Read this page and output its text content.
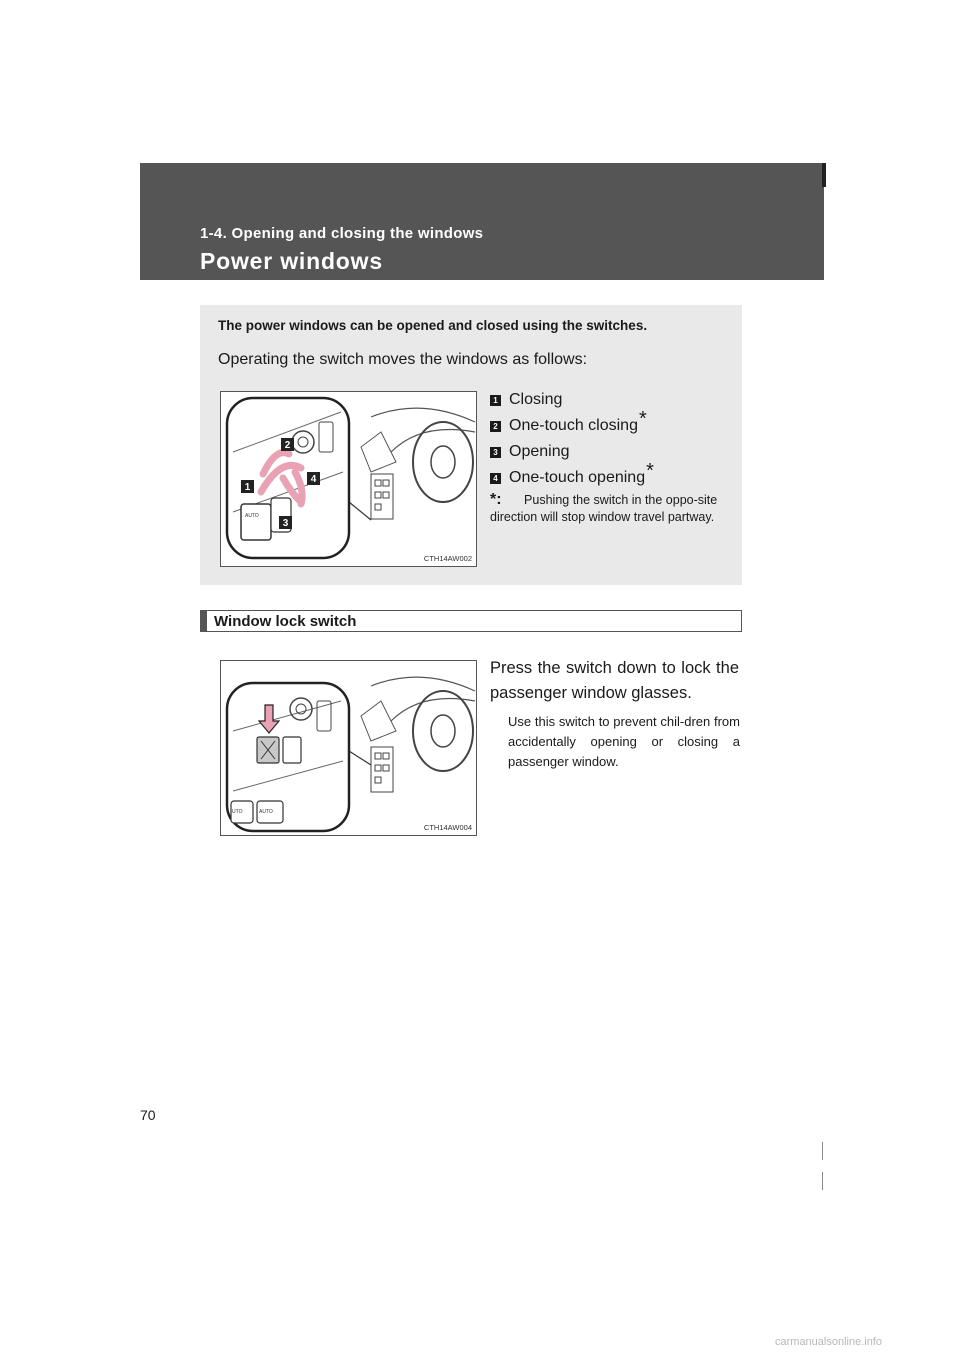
1-4. Opening and closing the windows
Power windows
The power windows can be opened and closed using the switches.
Operating the switch moves the windows as follows:
AUTO
2
4
1
3
CTH14AW002
1 Closing
2 One-touch closing *
3 Opening
4 One-touch opening *
*: Pushing the switch in the oppo-site direction will stop window travel partway.
Window lock switch
UTO	AUTO
CTH14AW004
Press the switch down to lock the passenger window glasses.
Use this switch to prevent chil-dren from accidentally opening or closing a passenger window.
70
carmanualsonline.info
